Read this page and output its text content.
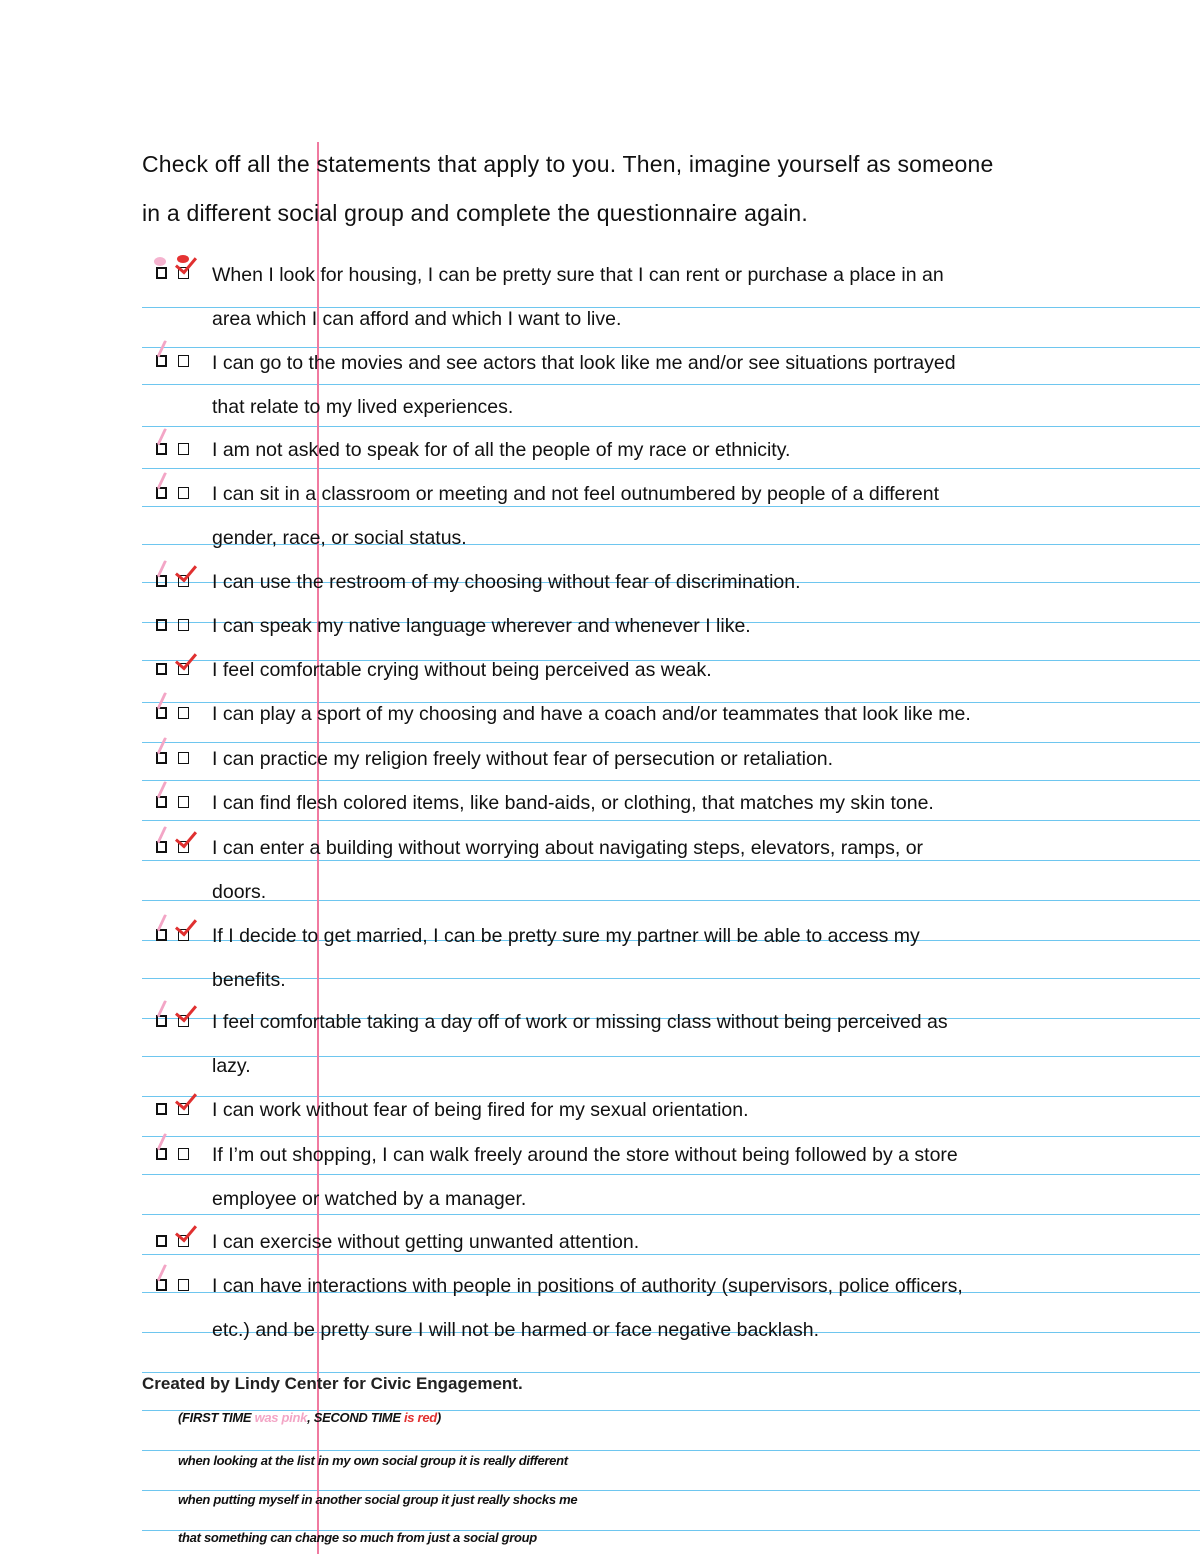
Check off all the statements that apply to you. Then, imagine yourself as someone
in a different social group and complete the questionnaire again.
When I look for housing, I can be pretty sure that I can rent or purchase a place in an
area which I can afford and which I want to live.
I can go to the movies and see actors that look like me and/or see situations portrayed
that relate to my lived experiences.
I am not asked to speak for of all the people of my race or ethnicity.
I can sit in a classroom or meeting and not feel outnumbered by people of a different
gender, race, or social status.
I can use the restroom of my choosing without fear of discrimination.
I can speak my native language wherever and whenever I like.
I feel comfortable crying without being perceived as weak.
I can play a sport of my choosing and have a coach and/or teammates that look like me.
I can practice my religion freely without fear of persecution or retaliation.
I can find flesh colored items, like band-aids, or clothing, that matches my skin tone.
I can enter a building without worrying about navigating steps, elevators, ramps, or
doors.
If I decide to get married, I can be pretty sure my partner will be able to access my
benefits.
I feel comfortable taking a day off of work or missing class without being perceived as
lazy.
I can work without fear of being fired for my sexual orientation.
If I’m out shopping, I can walk freely around the store without being followed by a store
employee or watched by a manager.
I can exercise without getting unwanted attention.
I can have interactions with people in positions of authority (supervisors, police officers,
etc.) and be pretty sure I will not be harmed or face negative backlash.
Created by Lindy Center for Civic Engagement.
(FIRST TIME was pink, SECOND TIME is red)
when looking at the list in my own social group it is really different
when putting myself in another social group it just really shocks me
that something can change so much from just a social group
